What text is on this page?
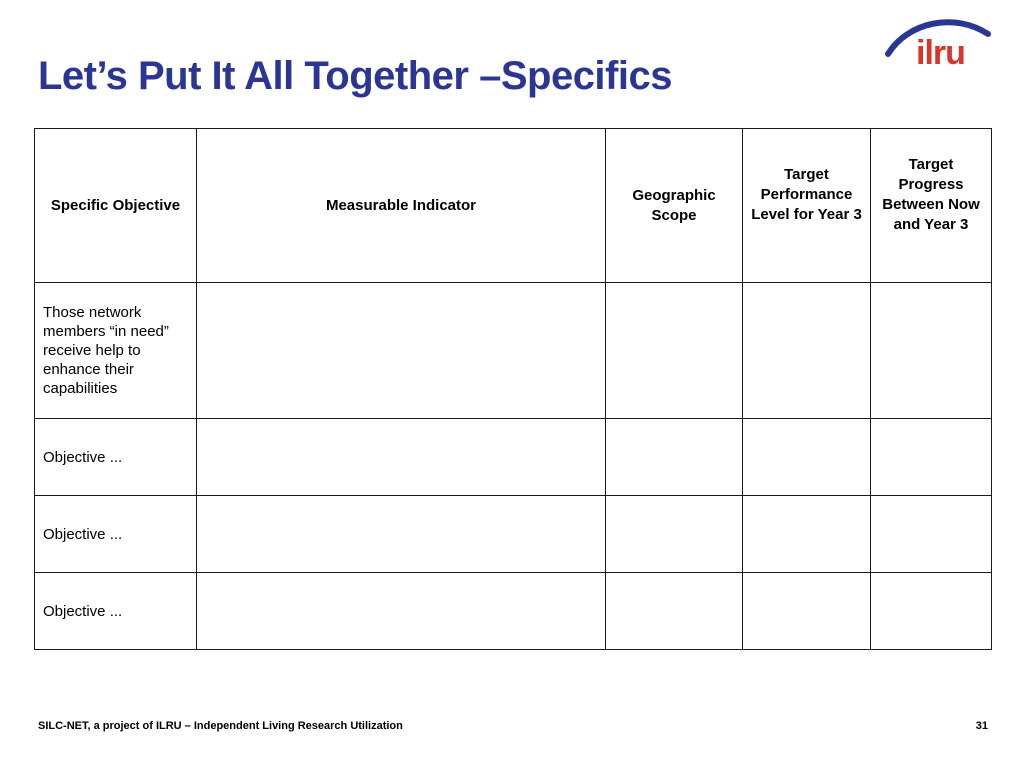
Let’s Put It All Together –Specifics
ilru
Specific Objective	Measurable Indicator	Geographic Scope	Target Performance Level for Year 3	Target Progress Between Now and Year 3
Those network members “in need” receive help to enhance their capabilities				
Objective ...				
Objective ...				
Objective ...				
SILC-NET, a project of ILRU – Independent Living Research Utilization	31
